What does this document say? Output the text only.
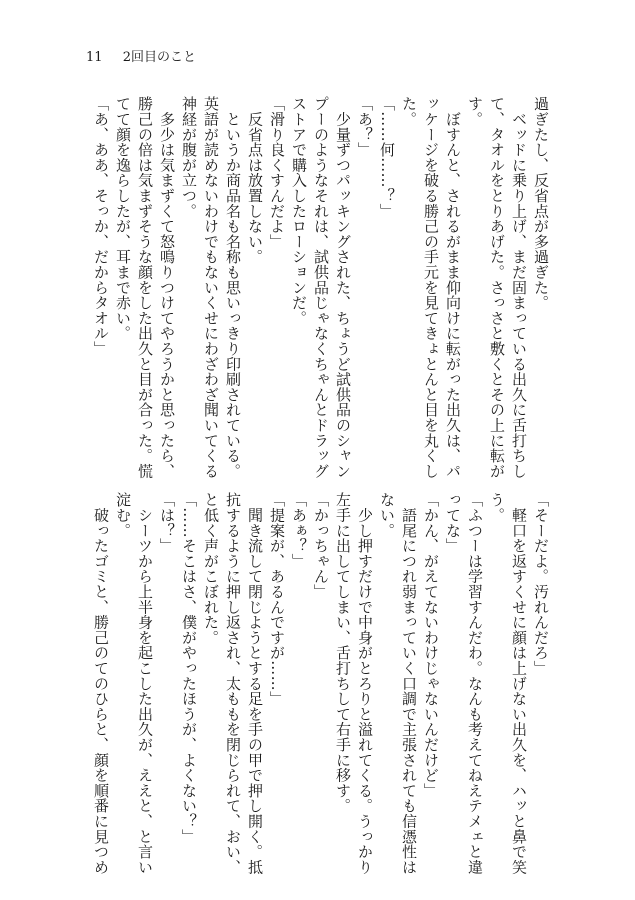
11 2回目のこと
過ぎたし、反省点が多過ぎた。
　ベッドに乗り上げ、まだ固まっている出久に舌打ちし
て、タオルをとりあげた。さっさと敷くとその上に転が
す。
　ぼすんと、されるがまま仰向けに転がった出久は、パ
ッケージを破る勝己の手元を見てきょとんと目を丸くし
た。
「……何……？」
「あ？」
　少量ずつパッキングされた、ちょうど試供品のシャン
プーのようなそれは、試供品じゃなくちゃんとドラッグ
ストアで購入したローションだ。
「滑り良くすんだよ」
　反省点は放置しない。
　というか商品名も名称も思いっきり印刷されている。
英語が読めないわけでもないくせにわざわざ聞いてくる
神経が腹が立つ。
　多少は気まずくて怒鳴りつけてやろうかと思ったら、
勝己の倍は気まずそうな顔をした出久と目が合った。慌
てて顔を逸らしたが、耳まで赤い。
「あ、ああ、そっか、だからタオル」
「そーだよ。汚れんだろ」
　軽口を返すくせに顔は上げない出久を、ハッと鼻で笑
う。
「ふつーは学習すんだわ。なんも考えてねえテメェと違
ってな」
「かん、がえてないわけじゃないんだけど」
　語尾につれ弱まっていく口調で主張されても信憑性は
ない。
　少し押すだけで中身がとろりと溢れてくる。うっかり
左手に出してしまい、舌打ちして右手に移す。
「かっちゃん」
「あぁ？」
「提案が、あるんですが……」
　聞き流して閉じようとする足を手の甲で押し開く。抵
抗するように押し返され、太ももを閉じられて、おい、
と低く声がこぼれた。
「……そこはさ、僕がやったほうが、よくない？」
「は？」
　シーツから上半身を起こした出久が、ええと、と言い
淀む。
　破ったゴミと、勝己のてのひらと、顔を順番に見つめ
